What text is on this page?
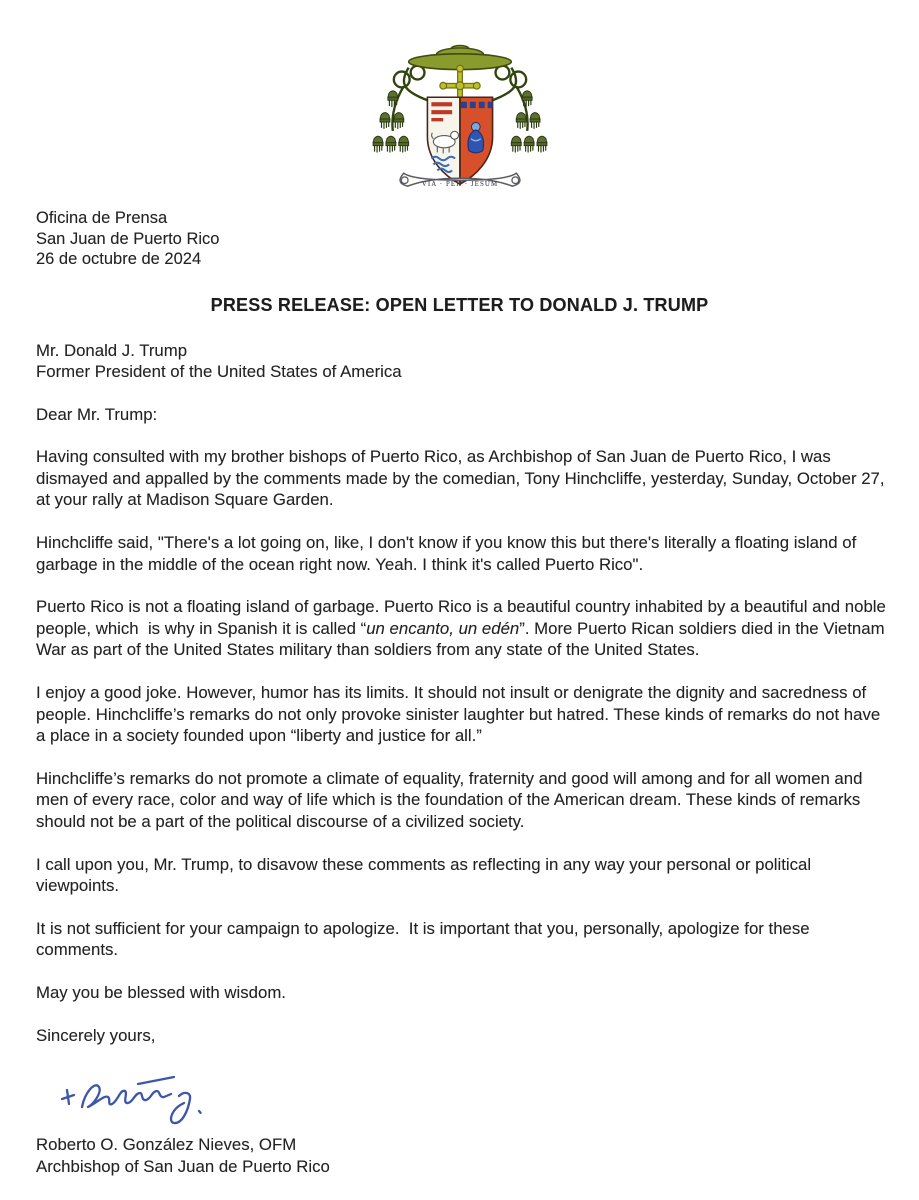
VIA · PER · JESUM
Oficina de Prensa
San Juan de Puerto Rico
26 de octubre de 2024
PRESS RELEASE: OPEN LETTER TO DONALD J. TRUMP
Mr. Donald J. Trump
Former President of the United States of America
Dear Mr. Trump:

Having consulted with my brother bishops of Puerto Rico, as Archbishop of San Juan de Puerto Rico, I was dismayed and appalled by the comments made by the comedian, Tony Hinchcliffe, yesterday, Sunday, October 27, at your rally at Madison Square Garden.

Hinchcliffe said, "There's a lot going on, like, I don't know if you know this but there's literally a floating island of garbage in the middle of the ocean right now. Yeah. I think it's called Puerto Rico".

Puerto Rico is not a floating island of garbage. Puerto Rico is a beautiful country inhabited by a beautiful and noble people, which  is why in Spanish it is called “un encanto, un edén”. More Puerto Rican soldiers died in the Vietnam War as part of the United States military than soldiers from any state of the United States.

I enjoy a good joke. However, humor has its limits. It should not insult or denigrate the dignity and sacredness of people. Hinchcliffe’s remarks do not only provoke sinister laughter but hatred. These kinds of remarks do not have a place in a society founded upon “liberty and justice for all.”

Hinchcliffe’s remarks do not promote a climate of equality, fraternity and good will among and for all women and men of every race, color and way of life which is the foundation of the American dream. These kinds of remarks should not be a part of the political discourse of a civilized society.

I call upon you, Mr. Trump, to disavow these comments as reflecting in any way your personal or political viewpoints.

It is not sufficient for your campaign to apologize.  It is important that you, personally, apologize for these comments.

May you be blessed with wisdom.

Sincerely yours,

Roberto O. González Nieves, OFM
Archbishop of San Juan de Puerto Rico
